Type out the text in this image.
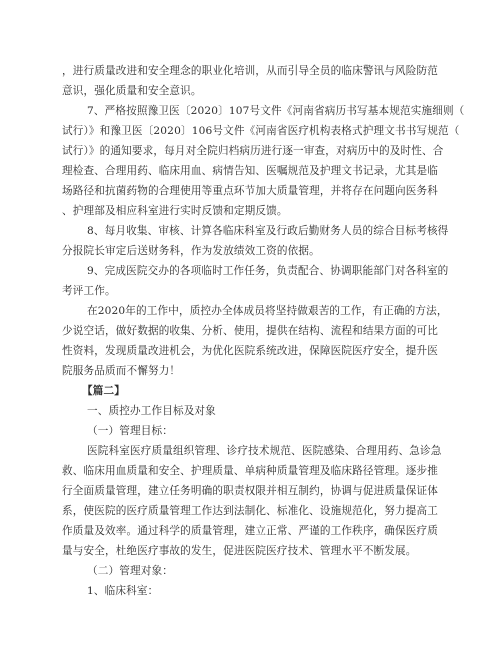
，进行质量改进和安全理念的职业化培训，从而引导全员的临床警讯与风险防范
意识，强化质量和安全意识。
7、严格按照豫卫医〔2020〕107号文件《河南省病历书写基本规范实施细则（
试行）》和豫卫医〔2020〕106号文件《河南省医疗机构表格式护理文书书写规范（
试行）》的通知要求，每月对全院归档病历进行逐一审查，对病历中的及时性、合
理检查、合理用药、临床用血、病情告知、医嘱规范及护理文书记录，尤其是临
场路径和抗菌药物的合理使用等重点环节加大质量管理，并将存在问题向医务科
、护理部及相应科室进行实时反馈和定期反馈。
8、每月收集、审核、计算各临床科室及行政后勤财务人员的综合目标考核得
分报院长审定后送财务科，作为发放绩效工资的依据。
9、完成医院交办的各项临时工作任务，负责配合、协调职能部门对各科室的
考评工作。
在2020年的工作中，质控办全体成员将坚持做艰苦的工作，有正确的方法，
少说空话，做好数据的收集、分析、使用，提供在结构、流程和结果方面的可比
性资料，发现质量改进机会，为优化医院系统改进，保障医院医疗安全，提升医
院服务品质而不懈努力！
【篇二】
一、质控办工作目标及对象
（一）管理目标：
医院科室医疗质量组织管理、诊疗技术规范、医院感染、合理用药、急诊急
救、临床用血质量和安全、护理质量、单病种质量管理及临床路径管理。逐步推
行全面质量管理，建立任务明确的职责权限并相互制约，协调与促进质量保证体
系，使医院的医疗质量管理工作达到法制化、标准化、设施规范化，努力提高工
作质量及效率。通过科学的质量管理，建立正常、严谨的工作秩序，确保医疗质
量与安全，杜绝医疗事故的发生，促进医院医疗技术、管理水平不断发展。
（二）管理对象：
1、临床科室：
